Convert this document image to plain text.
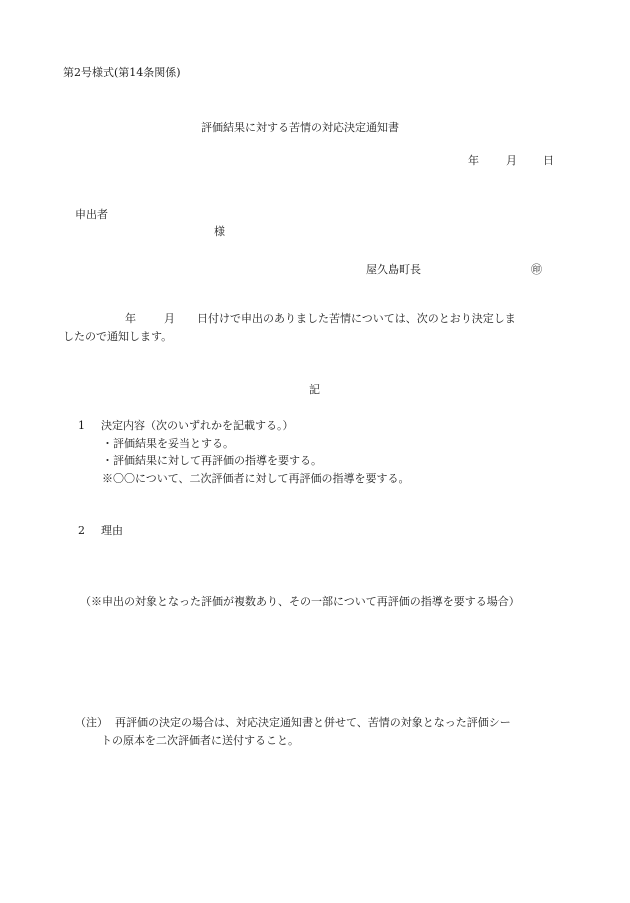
第2号様式(第14条関係)
評価結果に対する苦情の対応決定通知書
年 月 日
申出者
様
屋久島町長	㊞
年	月 日付けで申出のありました苦情については、次のとおり決定しま
したので通知します。
記
1 決定内容（次のいずれかを記載する。）
・評価結果を妥当とする。
・評価結果に対して再評価の指導を要する。
※〇〇について、二次評価者に対して再評価の指導を要する。
2 理由
（※申出の対象となった評価が複数あり、その一部について再評価の指導を要する場合）
（注） 再評価の決定の場合は、対応決定通知書と併せて、苦情の対象となった評価シー
トの原本を二次評価者に送付すること。
